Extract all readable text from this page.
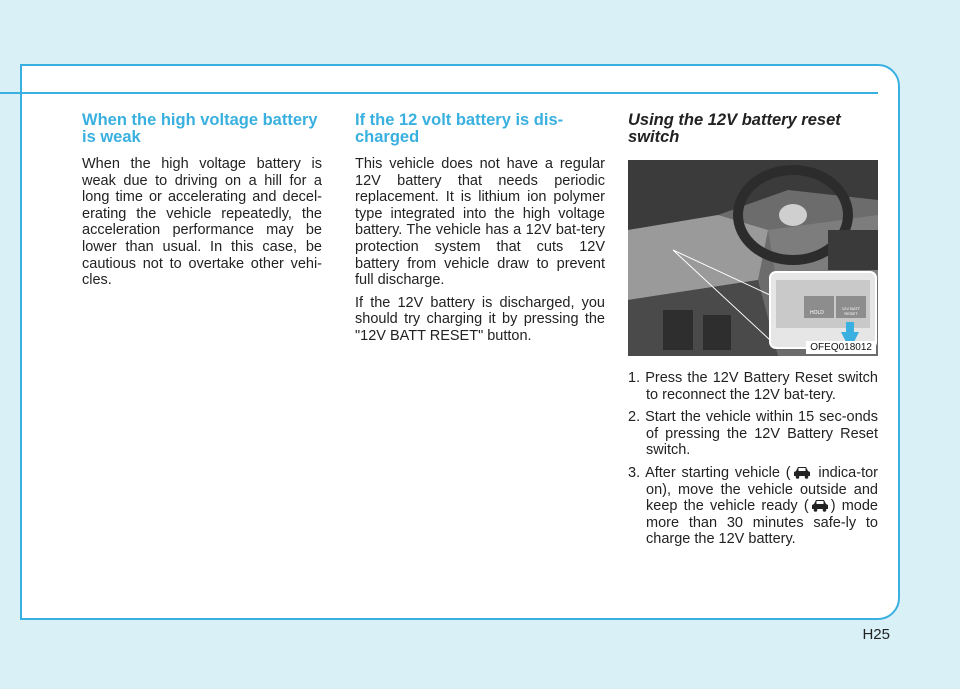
When the high voltage battery is weak

When the high voltage battery is weak due to driving on a hill for a long time or accelerating and decel-erating the vehicle repeatedly, the acceleration performance may be lower than usual. In this case, be cautious not to overtake other vehi-cles.

If the 12 volt battery is dis-charged

This vehicle does not have a regular 12V battery that needs periodic replacement. It is lithium ion polymer type integrated into the high voltage battery. The vehicle has a 12V bat-tery protection system that cuts 12V battery from vehicle draw to prevent full discharge.

If the 12V battery is discharged, you should try charging it by pressing the "12V BATT RESET" button.

Using the 12V battery reset switch
HOLD
12V BATT RESET
OFEQ018012
1. Press the 12V Battery Reset switch to reconnect the 12V bat-tery.
2. Start the vehicle within 15 sec-onds of pressing the 12V Battery Reset switch.
3. After starting vehicle ( indica-tor on), move the vehicle outside and keep the vehicle ready ( ) mode more than 30 minutes safe-ly to charge the 12V battery.
H25
